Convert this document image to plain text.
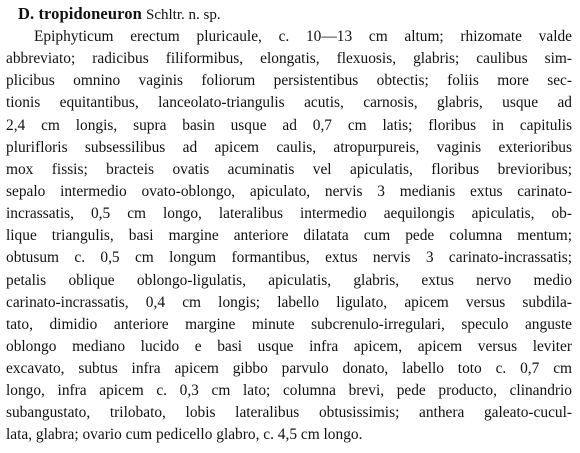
D. tropidoneuron Schltr. n. sp.
Epiphyticum erectum pluricaule, c. 10—13 cm altum; rhizomate valde
abbreviato; radicibus filiformibus, elongatis, flexuosis, glabris; caulibus sim-
plicibus omnino vaginis foliorum persistentibus obtectis; foliis more sec-
tionis equitantibus, lanceolato-triangulis acutis, carnosis, glabris, usque ad
2,4 cm longis, supra basin usque ad 0,7 cm latis; floribus in capitulis
plurifloris subsessilibus ad apicem caulis, atropurpureis, vaginis exterioribus
mox fissis; bracteis ovatis acuminatis vel apiculatis, floribus brevioribus;
sepalo intermedio ovato-oblongo, apiculato, nervis 3 medianis extus carinato-
incrassatis, 0,5 cm longo, lateralibus intermedio aequilongis apiculatis, ob-
lique triangulis, basi margine anteriore dilatata cum pede columna mentum;
obtusum c. 0,5 cm longum formantibus, extus nervis 3 carinato-incrassatis;
petalis oblique oblongo-ligulatis, apiculatis, glabris, extus nervo medio
carinato-incrassatis, 0,4 cm longis; labello ligulato, apicem versus subdila-
tato, dimidio anteriore margine minute subcrenulo-irregulari, speculo anguste
oblongo mediano lucido e basi usque infra apicem, apicem versus leviter
excavato, subtus infra apicem gibbo parvulo donato, labello toto c. 0,7 cm
longo, infra apicem c. 0,3 cm lato; columna brevi, pede producto, clinandrio
subangustato, trilobato, lobis lateralibus obtusissimis; anthera galeato-cucul-
lata, glabra; ovario cum pedicello glabro, c. 4,5 cm longo.
